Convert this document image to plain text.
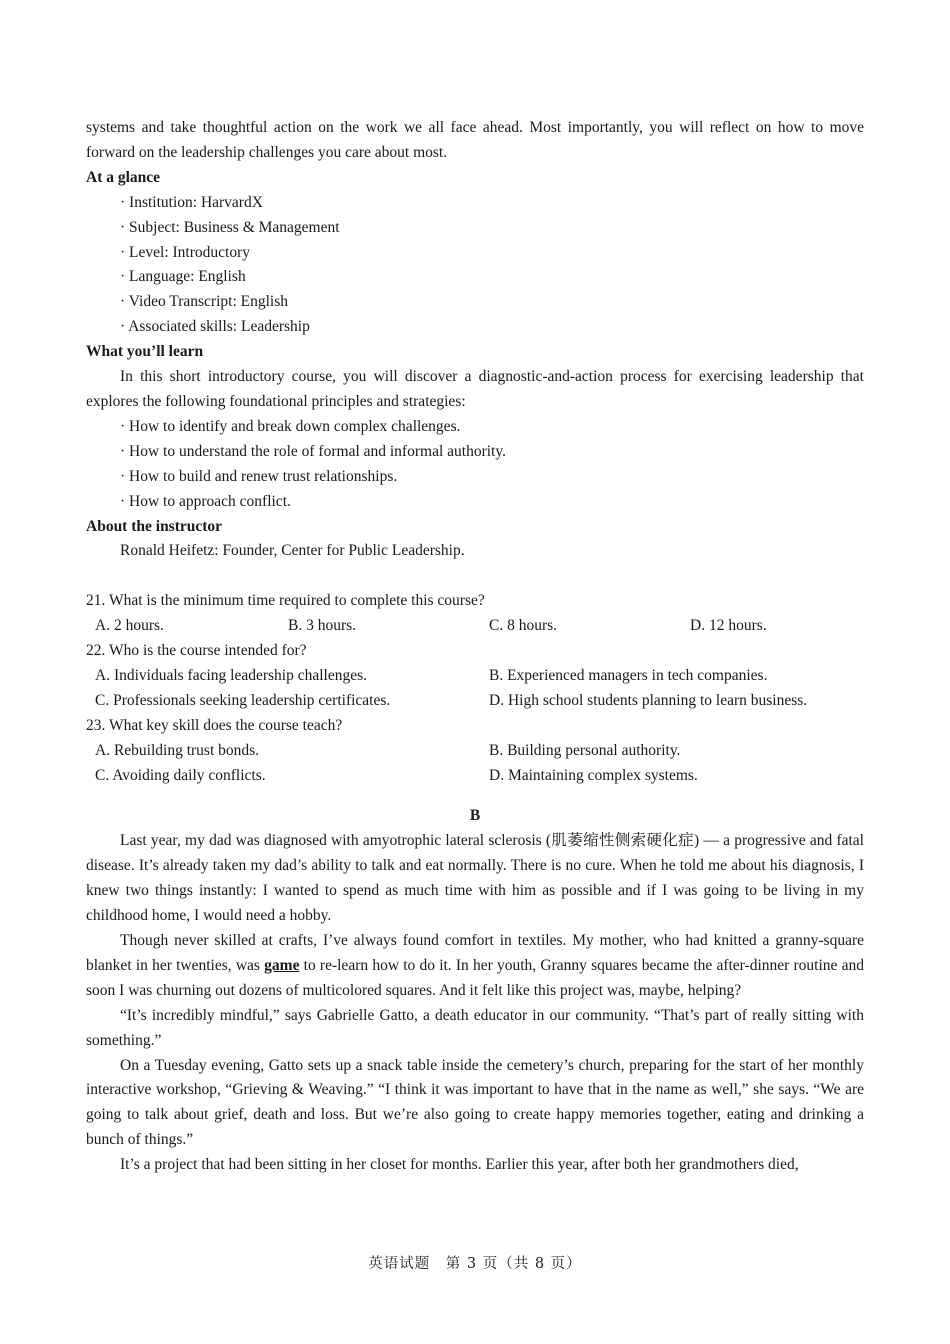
systems and take thoughtful action on the work we all face ahead. Most importantly, you will reflect on how to move forward on the leadership challenges you care about most.

At a glance

· Institution: HarvardX

· Subject: Business & Management

· Level: Introductory

· Language: English

· Video Transcript: English

· Associated skills: Leadership

What you’ll learn

In this short introductory course, you will discover a diagnostic-and-action process for exercising leadership that explores the following foundational principles and strategies:

· How to identify and break down complex challenges.

· How to understand the role of formal and informal authority.

· How to build and renew trust relationships.

· How to approach conflict.

About the instructor

Ronald Heifetz: Founder, Center for Public Leadership.

21. What is the minimum time required to complete this course?

A. 2 hours.	B. 3 hours.	C. 8 hours.	D. 12 hours.

22. Who is the course intended for?

A. Individuals facing leadership challenges.	B. Experienced managers in tech companies.
C. Professionals seeking leadership certificates.	D. High school students planning to learn business.

23. What key skill does the course teach?

A. Rebuilding trust bonds.	B. Building personal authority.
C. Avoiding daily conflicts.	D. Maintaining complex systems.

B

Last year, my dad was diagnosed with amyotrophic lateral sclerosis (肌萎缩性侧索硬化症) — a progressive and fatal disease. It’s already taken my dad’s ability to talk and eat normally. There is no cure. When he told me about his diagnosis, I knew two things instantly: I wanted to spend as much time with him as possible and if I was going to be living in my childhood home, I would need a hobby.

Though never skilled at crafts, I’ve always found comfort in textiles. My mother, who had knitted a granny-square blanket in her twenties, was game to re-learn how to do it. In her youth, Granny squares became the after-dinner routine and soon I was churning out dozens of multicolored squares. And it felt like this project was, maybe, helping?

“It’s incredibly mindful,” says Gabrielle Gatto, a death educator in our community. “That’s part of really sitting with something.”

On a Tuesday evening, Gatto sets up a snack table inside the cemetery’s church, preparing for the start of her monthly interactive workshop, “Grieving & Weaving.” “I think it was important to have that in the name as well,” she says. “We are going to talk about grief, death and loss. But we’re also going to create happy memories together, eating and drinking a bunch of things.”

It’s a project that had been sitting in her closet for months. Earlier this year, after both her grandmothers died,

英语试题　第 3 页（共 8 页）
